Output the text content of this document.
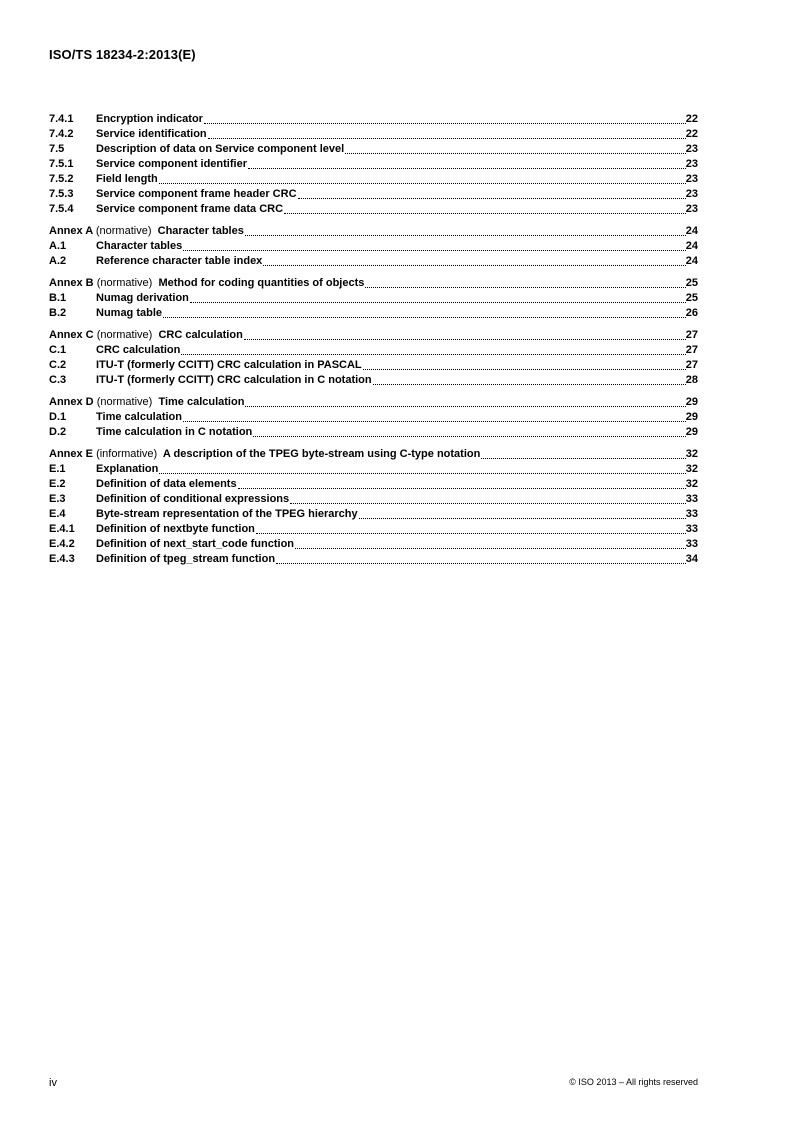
ISO/TS 18234-2:2013(E)
7.4.1	Encryption indicator	22
7.4.2	Service identification	22
7.5	Description of data on Service component level	23
7.5.1	Service component identifier	23
7.5.2	Field length	23
7.5.3	Service component frame header CRC	23
7.5.4	Service component frame data CRC	23
Annex A (normative) Character tables	24
A.1	Character tables	24
A.2	Reference character table index	24
Annex B (normative) Method for coding quantities of objects	25
B.1	Numag derivation	25
B.2	Numag table	26
Annex C (normative) CRC calculation	27
C.1	CRC calculation	27
C.2	ITU-T (formerly CCITT) CRC calculation in PASCAL	27
C.3	ITU-T (formerly CCITT) CRC calculation in C notation	28
Annex D (normative) Time calculation	29
D.1	Time calculation	29
D.2	Time calculation in C notation	29
Annex E (informative) A description of the TPEG byte-stream using C-type notation	32
E.1	Explanation	32
E.2	Definition of data elements	32
E.3	Definition of conditional expressions	33
E.4	Byte-stream representation of the TPEG hierarchy	33
E.4.1	Definition of nextbyte function	33
E.4.2	Definition of next_start_code function	33
E.4.3	Definition of tpeg_stream function	34
iv	© ISO 2013 – All rights reserved
